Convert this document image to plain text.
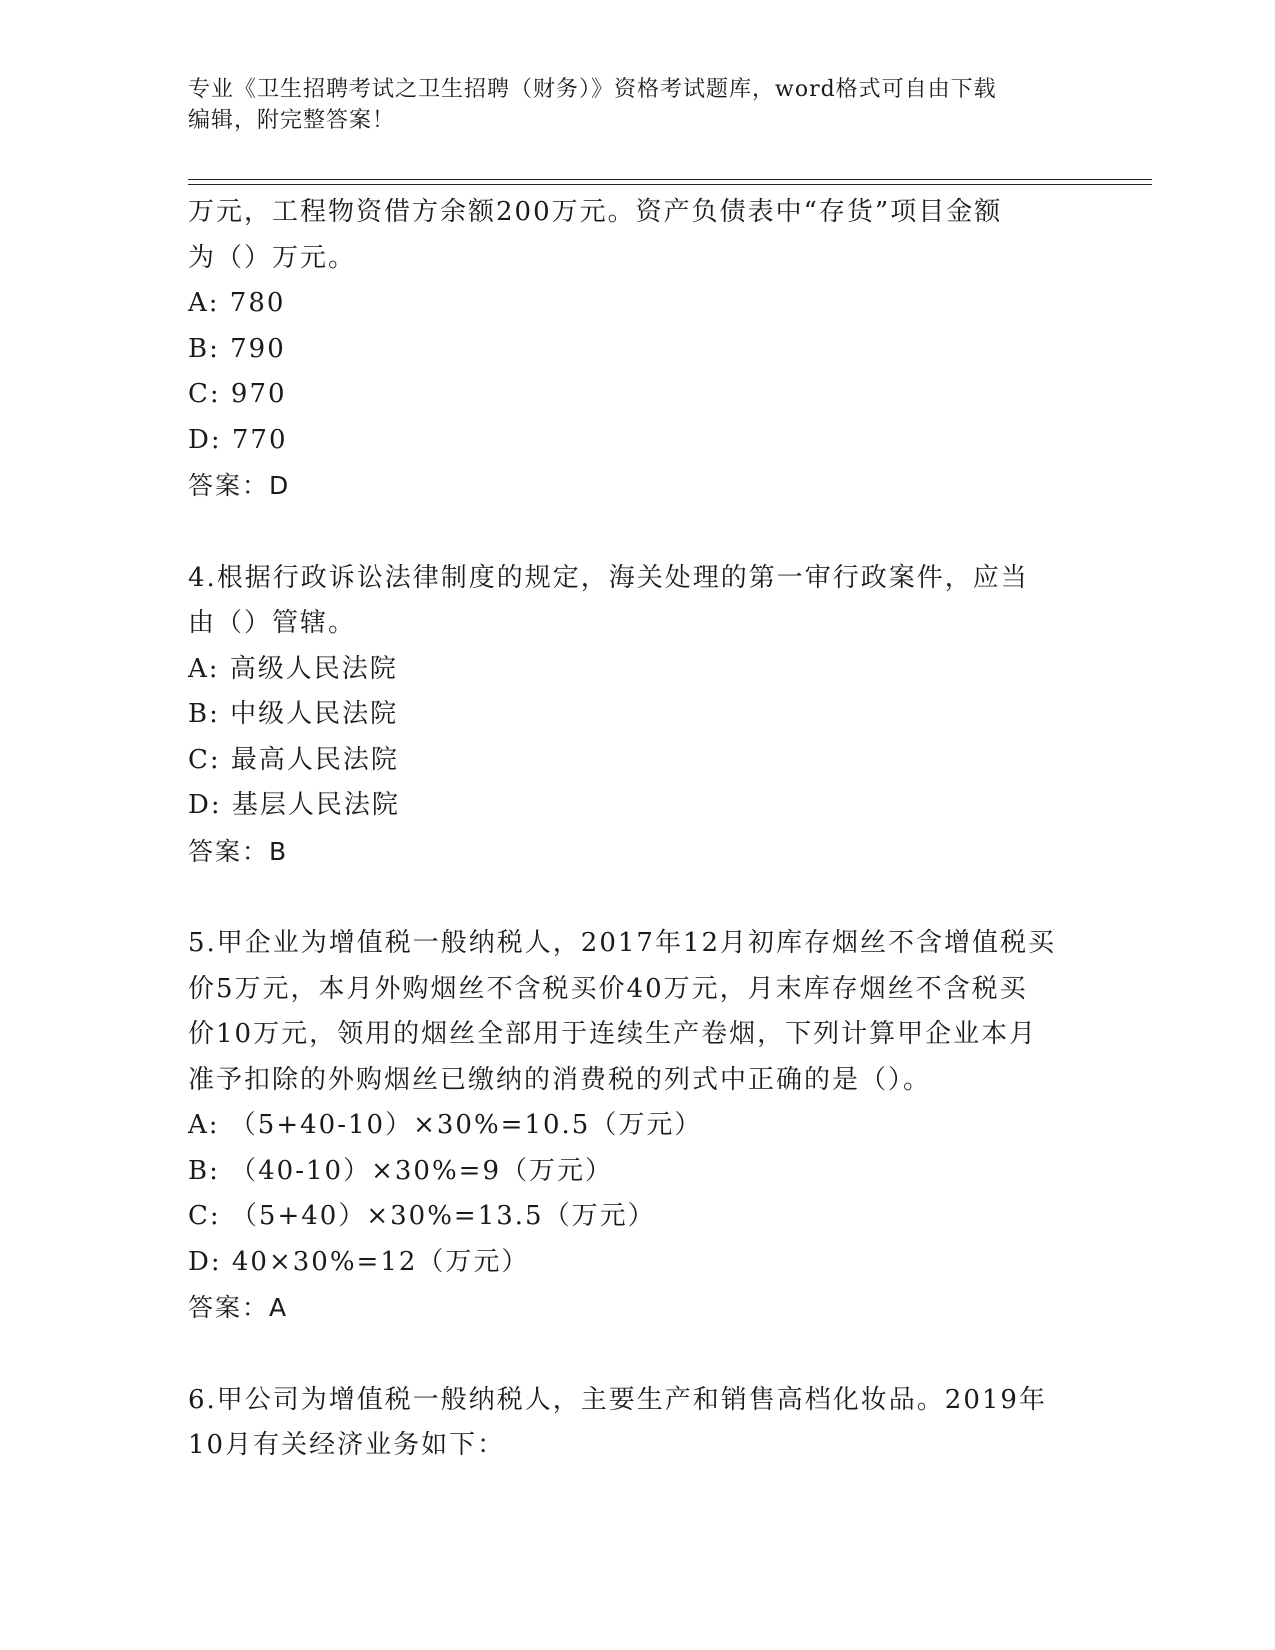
专业《卫生招聘考试之卫生招聘（财务）》资格考试题库，word格式可自由下载
编辑，附完整答案！
万元，工程物资借方余额200万元。资产负债表中“存货”项目金额
为（）万元。
A: 780
B: 790
C: 970
D: 770
答案：D
4.根据行政诉讼法律制度的规定，海关处理的第一审行政案件，应当
由（）管辖。
A: 高级人民法院
B: 中级人民法院
C: 最高人民法院
D: 基层人民法院
答案：B
5.甲企业为增值税一般纳税人，2017年12月初库存烟丝不含增值税买
价5万元，本月外购烟丝不含税买价40万元，月末库存烟丝不含税买
价10万元，领用的烟丝全部用于连续生产卷烟，下列计算甲企业本月
准予扣除的外购烟丝已缴纳的消费税的列式中正确的是（）。
A: （5+40-10）×30%=10.5（万元）
B: （40-10）×30%=9（万元）
C: （5+40）×30%=13.5（万元）
D: 40×30%=12（万元）
答案：A
6.甲公司为增值税一般纳税人，主要生产和销售高档化妆品。2019年
10月有关经济业务如下：
